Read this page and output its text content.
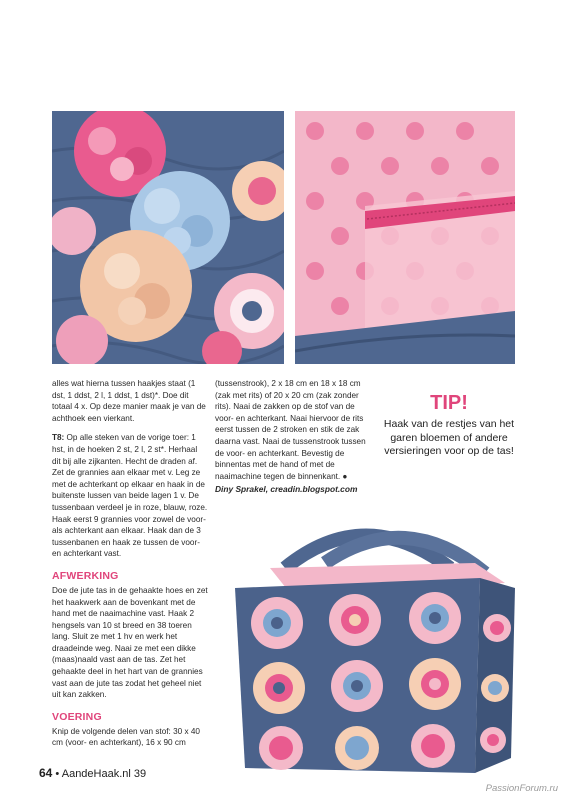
alles wat hierna tussen haakjes staat (1 dst, 1 ddst, 2 l, 1 ddst, 1 dst)*. Doe dit totaal 4 x. Op deze manier maak je van de achthoek een vierkant.

T8: Op alle steken van de vorige toer: 1 hst, in de hoeken 2 st, 2 l, 2 st*. Herhaal dit bij alle zijkanten. Hecht de draden af. Zet de grannies aan elkaar met v. Leg ze met de achterkant op elkaar en haak in de buitenste lussen van beide lagen 1 v. De tussenbaan verdeel je in roze, blauw, roze. Haak eerst 9 grannies voor zowel de voor- als achterkant aan elkaar. Haak dan de 3 tussenbanen en haak ze tussen de voor- en achterkant vast.

AFWERKING

Doe de jute tas in de gehaakte hoes en zet het haakwerk aan de bovenkant met de hand met de naaimachine vast. Haak 2 hengsels van 10 st breed en 38 toeren lang. Sluit ze met 1 hv en werk het draadeinde weg. Naai ze met een dikke (maas)naald vast aan de tas. Zet het gehaakte deel in het hart van de grannies vast aan de jute tas zodat het geheel niet uit kan zakken.

VOERING

Knip de volgende delen van stof: 30 x 40 cm (voor- en achterkant), 16 x 90 cm

(tussenstrook), 2 x 18 cm en 18 x 18 cm (zak met rits) of 20 x 20 cm (zak zonder rits). Naai de zakken op de stof van de voor- en achterkant. Naai hiervoor de rits eerst tussen de 2 stroken en stik de zak daarna vast. Naai de tussenstrook tussen de voor- en achterkant. Bevestig de binnentas met de hand of met de naaimachine tegen de binnenkant. ●

Diny Sprakel, creadin.blogspot.com
TIP!
Haak van de restjes van het garen bloemen of andere versieringen voor op de tas!
64 • AandeHaak.nl 39
PassionForum.ru
